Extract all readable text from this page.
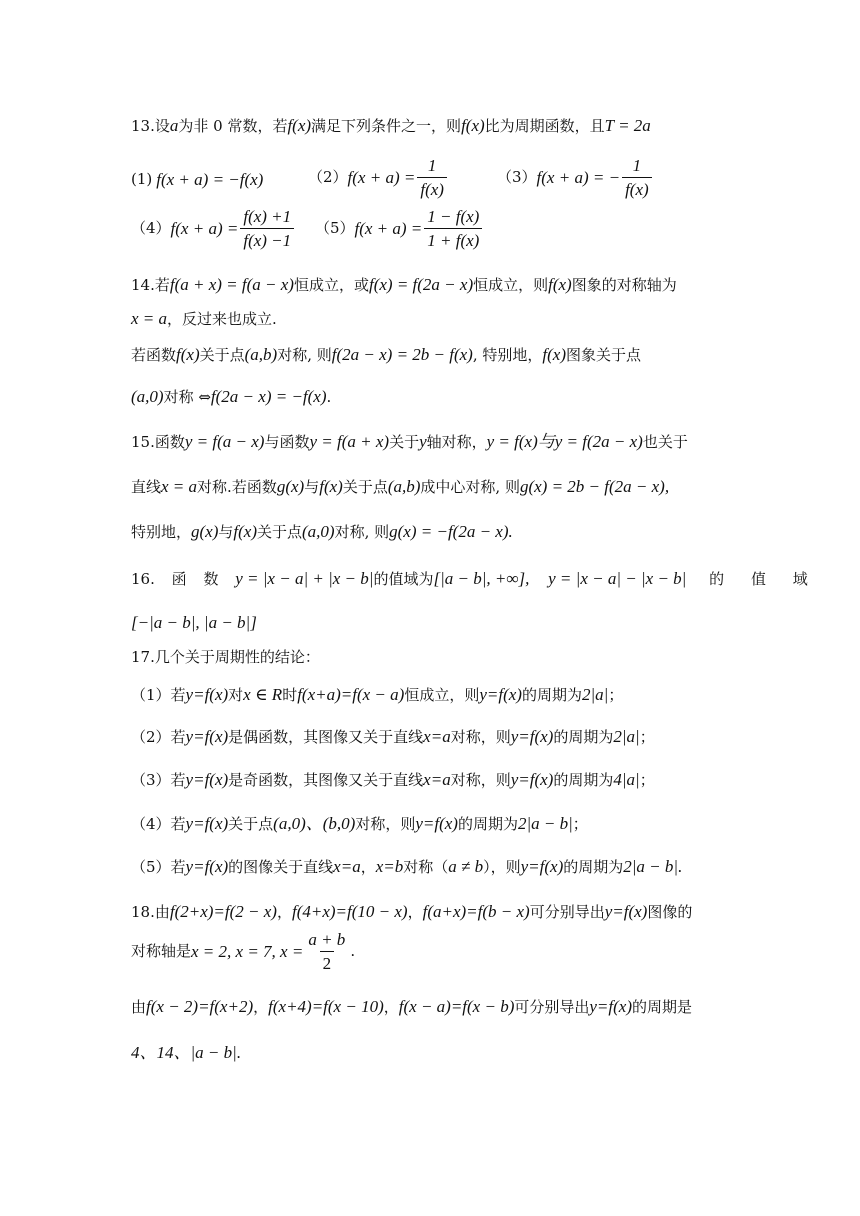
13.设a为非 0 常数，若f(x)满足下列条件之一，则f(x)比为周期函数，且T = 2a
(1) f(x + a) = −f(x)	（2） $f(x + a) = \frac{1}{f(x)}$	（3） f(x + a) = − $\frac{1}{f(x)}$
（4） $f(x + a) = \frac{f(x) +1}{f(x) -1}$
（5） $f(x + a) = \frac{1 - f(x)}{1 + f(x)}$
14.若f(a + x) = f(a − x)恒成立，或f(x) = f(2a − x)恒成立，则f(x)图象的对称轴为
x = a，反过来也成立.
若函数f(x)关于点(a,b)对称, 则f(2a − x) = 2b − f(x), 特别地，f(x)图象关于点
(a,0)对称 ⇔f(2a − x) = −f(x).
15.函数y = f(a − x)与函数y = f(a + x)关于y轴对称，y = f(x)与y = f(2a − x)也关于
直线x = a对称.若函数g(x)与f(x)关于点(a,b)成中心对称, 则g(x) = 2b − f(2a − x),
特别地，g(x)与f(x)关于点(a,0)对称, 则g(x) = −f(2a − x).
16. 函 数 y = |x − a| + |x − b|的值域为[|a − b|, +∞], y = |x − a| − |x − b| 的 值 域
[−|a − b|, |a − b|]
17.几个关于周期性的结论：
（1）若y=f(x)对x ∈ R时f(x+a)=f(x − a)恒成立，则y=f(x)的周期为2|a|；
（2）若y=f(x)是偶函数，其图像又关于直线x=a对称，则y=f(x)的周期为2|a|；
（3）若y=f(x)是奇函数，其图像又关于直线x=a对称，则y=f(x)的周期为4|a|；
（4）若y=f(x)关于点(a,0)、(b,0)对称，则y=f(x)的周期为2|a − b|；
（5）若y=f(x)的图像关于直线x=a，x=b对称（a ≠ b），则y=f(x)的周期为2|a − b|.
18.由f(2+x)=f(2 − x)，f(4+x)=f(10 − x)，f(a+x)=f(b − x)可分别导出y=f(x)图像的
对称轴是 x = 2, x = 7, $x = \frac{a + b}{2}$ .
由f(x − 2)=f(x+2)，f(x+4)=f(x − 10)，f(x − a)=f(x − b)可分别导出y=f(x)的周期是
4、14、|a − b|.
